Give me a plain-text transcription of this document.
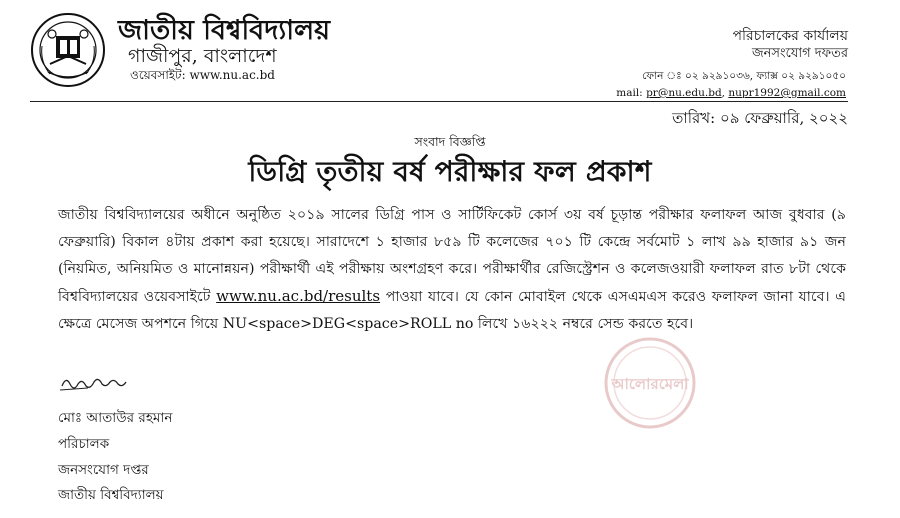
জাতীয় বিশ্ববিদ্যালয়
গাজীপুর, বাংলাদেশ
ওয়েবসাইট: www.nu.ac.bd
পরিচালকের কার্যালয়
জনসংযোগ দফতর
ফোন ঃ ০২ ৯২৯১০৩৬, ফ্যাক্স ০২ ৯২৯১০৫০
mail: pr@nu.edu.bd, nupr1992@gmail.com
তারিখ: ০৯ ফেব্রুয়ারি, ২০২২
সংবাদ বিজ্ঞপ্তি
ডিগ্রি তৃতীয় বর্ষ পরীক্ষার ফল প্রকাশ
জাতীয় বিশ্ববিদ্যালয়ের অধীনে অনুষ্ঠিত ২০১৯ সালের ডিগ্রি পাস ও সার্টিফিকেট কোর্স ৩য় বর্ষ চূড়ান্ত পরীক্ষার ফলাফল আজ বুধবার (৯ ফেব্রুয়ারি) বিকাল ৪টায় প্রকাশ করা হয়েছে। সারাদেশে ১ হাজার ৮৫৯ টি কলেজের ৭০১ টি কেন্দ্রে সর্বমোট ১ লাখ ৯৯ হাজার ৯১ জন (নিয়মিত, অনিয়মিত ও মানোন্নয়ন) পরীক্ষার্থী এই পরীক্ষায় অংশগ্রহণ করে। পরীক্ষার্থীর রেজিস্ট্রেশন ও কলেজওয়ারী ফলাফল রাত ৮টা থেকে বিশ্ববিদ্যালয়ের ওয়েবসাইটে www.nu.ac.bd/results পাওয়া যাবে। যে কোন মোবাইল থেকে এসএমএস করেও ফলাফল জানা যাবে। এ ক্ষেত্রে মেসেজ অপশনে গিয়ে NU<space>DEG<space>ROLL no লিখে ১৬২২২ নম্বরে সেন্ড করতে হবে।
আলোরমেলা
মোঃ আতাউর রহমান
পরিচালক
জনসংযোগ দপ্তর
জাতীয় বিশ্ববিদ্যালয়
